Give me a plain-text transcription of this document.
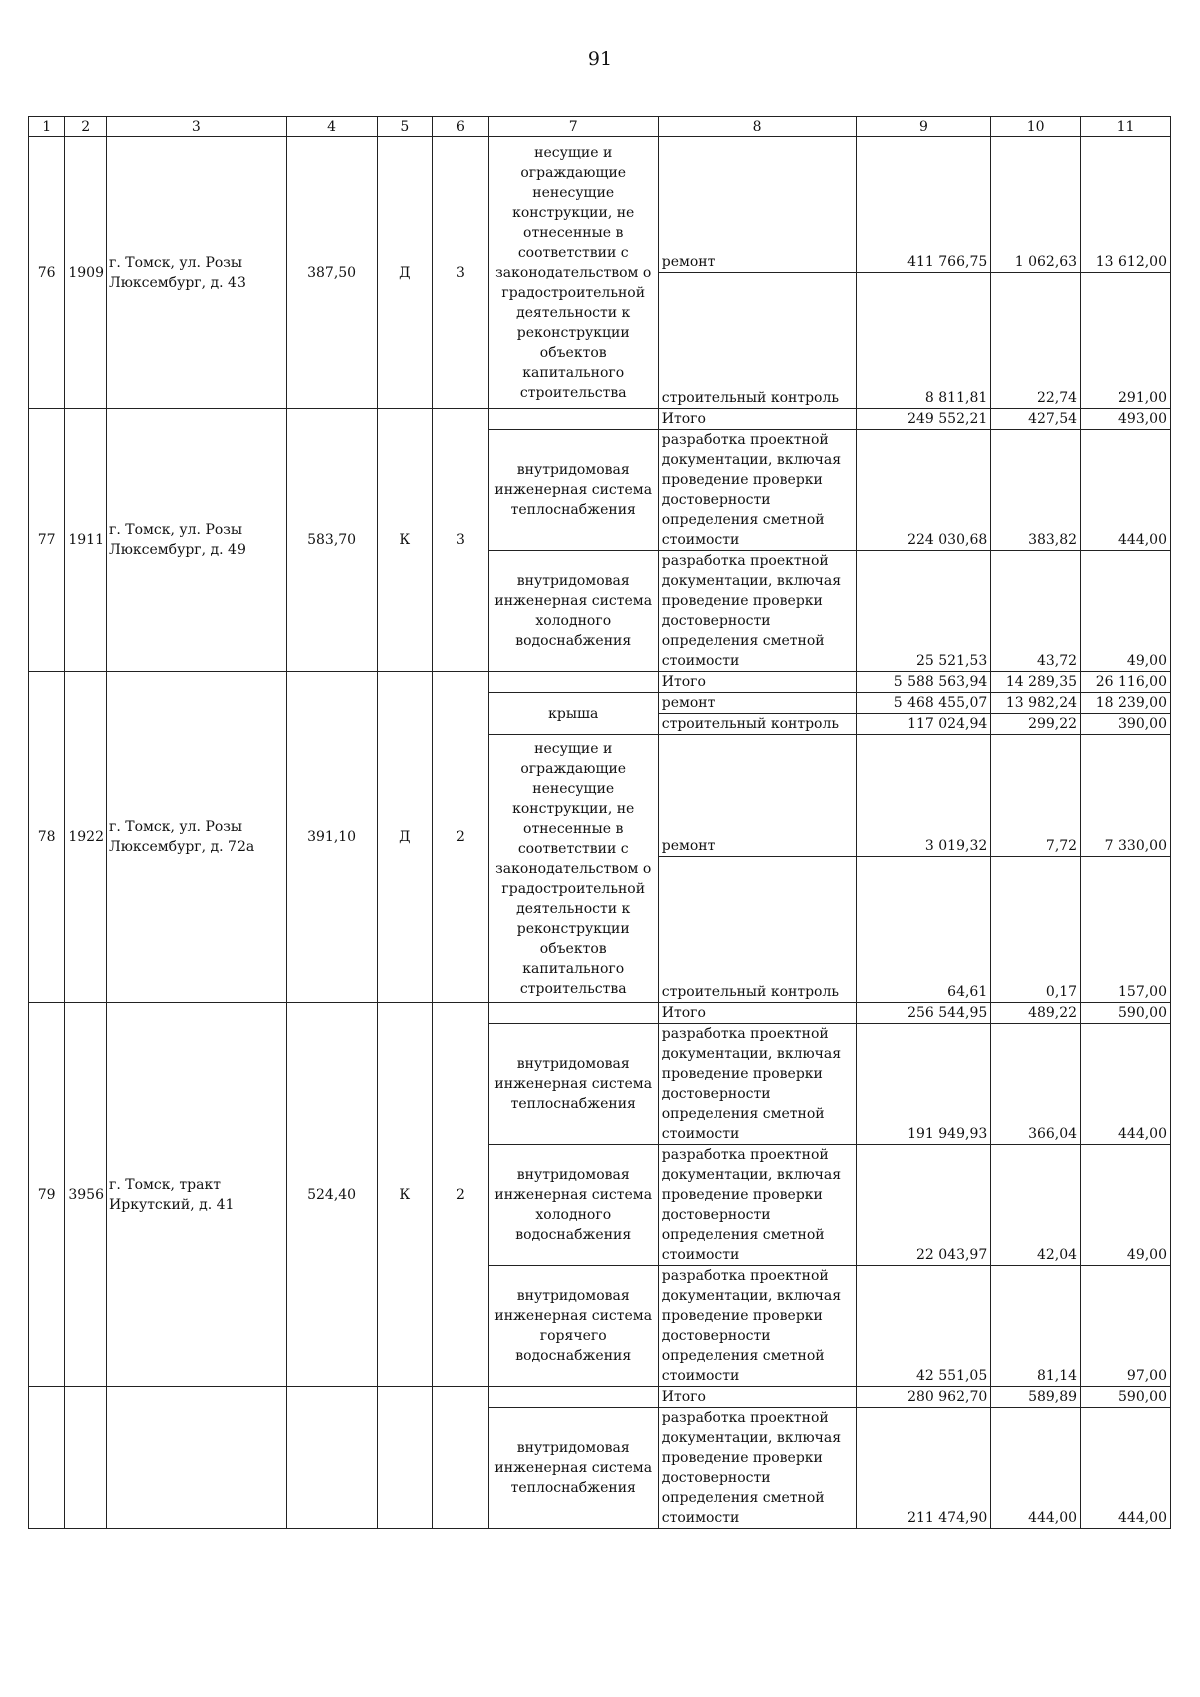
91
1	2	3	4	5	6	7	8	9	10	11
76	1909	г. Томск, ул. Розы Люксембург, д. 43	387,50	Д	3	несущие и ограждающие ненесущие конструкции, не отнесенные в соответствии с законодательством о градостроительной деятельности к реконструкции объектов капитального строительства	ремонт	411 766,75	1 062,63	13 612,00
							строительный контроль	8 811,81	22,74	291,00
77	1911	г. Томск, ул. Розы Люксембург, д. 49	583,70	К	3		Итого	249 552,21	427,54	493,00
						внутридомовая инженерная система теплоснабжения	разработка проектной документации, включая проведение проверки достоверности определения сметной стоимости	224 030,68	383,82	444,00
						внутридомовая инженерная система холодного водоснабжения	разработка проектной документации, включая проведение проверки достоверности определения сметной стоимости	25 521,53	43,72	49,00
78	1922	г. Томск, ул. Розы Люксембург, д. 72а	391,10	Д	2		Итого	5 588 563,94	14 289,35	26 116,00
						крыша	ремонт	5 468 455,07	13 982,24	18 239,00
							строительный контроль	117 024,94	299,22	390,00
						несущие и ограждающие ненесущие конструкции, не отнесенные в соответствии с законодательством о градостроительной деятельности к реконструкции объектов капитального строительства	ремонт	3 019,32	7,72	7 330,00
							строительный контроль	64,61	0,17	157,00
79	3956	г. Томск, тракт Иркутский, д. 41	524,40	К	2		Итого	256 544,95	489,22	590,00
						внутридомовая инженерная система теплоснабжения	разработка проектной документации, включая проведение проверки достоверности определения сметной стоимости	191 949,93	366,04	444,00
						внутридомовая инженерная система холодного водоснабжения	разработка проектной документации, включая проведение проверки достоверности определения сметной стоимости	22 043,97	42,04	49,00
						внутридомовая инженерная система горячего водоснабжения	разработка проектной документации, включая проведение проверки достоверности определения сметной стоимости	42 551,05	81,14	97,00
							Итого	280 962,70	589,89	590,00
						внутридомовая инженерная система теплоснабжения	разработка проектной документации, включая проведение проверки достоверности определения сметной стоимости	211 474,90	444,00	444,00
